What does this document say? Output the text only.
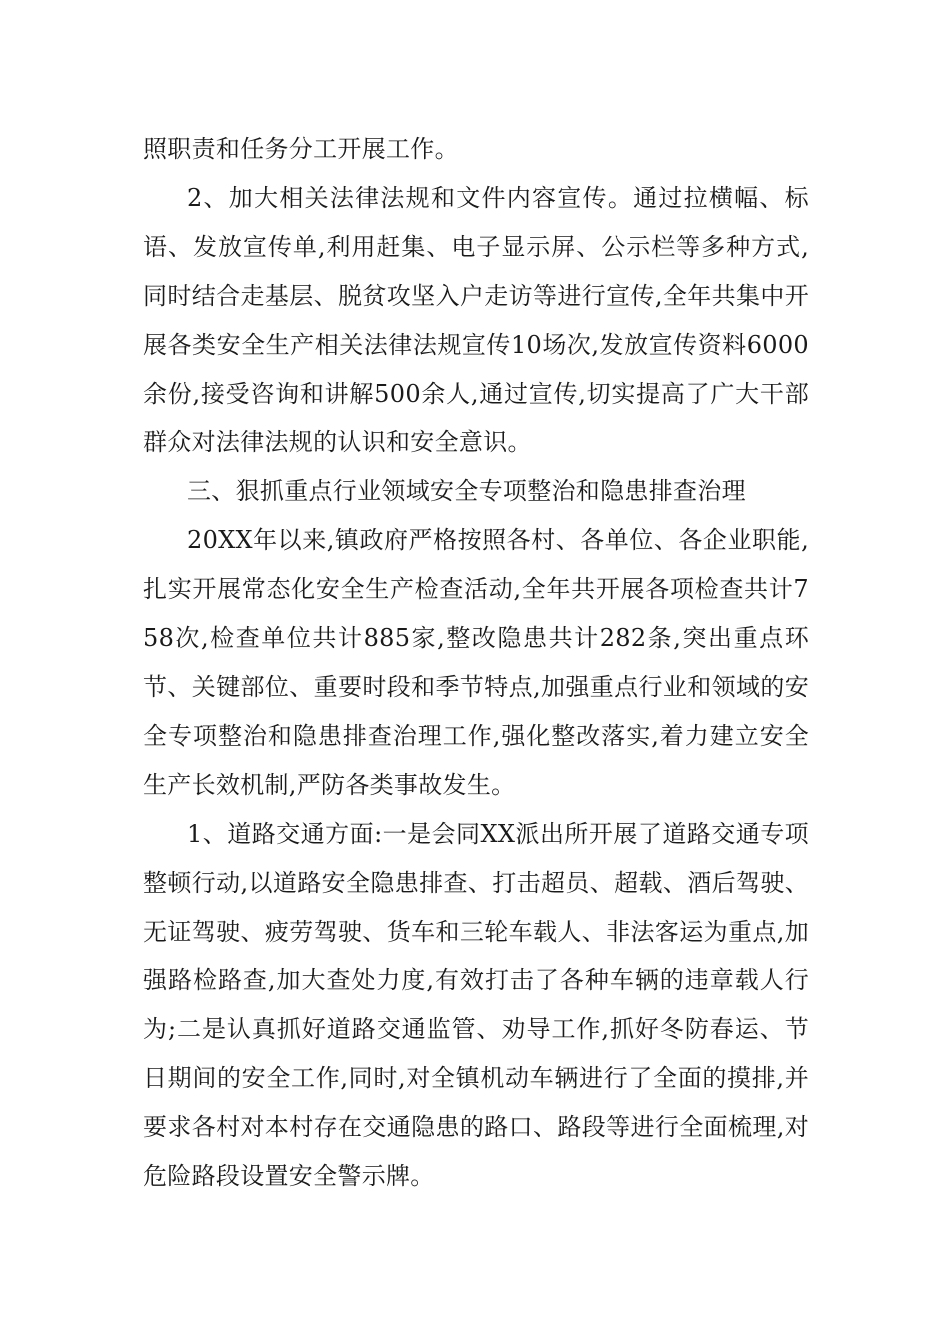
照职责和任务分工开展工作。

2、加大相关法律法规和文件内容宣传。通过拉横幅、标语、发放宣传单,利用赶集、电子显示屏、公示栏等多种方式,同时结合走基层、脱贫攻坚入户走访等进行宣传,全年共集中开展各类安全生产相关法律法规宣传10场次,发放宣传资料6000余份,接受咨询和讲解500余人,通过宣传,切实提高了广大干部群众对法律法规的认识和安全意识。

三、狠抓重点行业领域安全专项整治和隐患排查治理

20XX年以来,镇政府严格按照各村、各单位、各企业职能,扎实开展常态化安全生产检查活动,全年共开展各项检查共计758次,检查单位共计885家,整改隐患共计282条,突出重点环节、关键部位、重要时段和季节特点,加强重点行业和领域的安全专项整治和隐患排查治理工作,强化整改落实,着力建立安全生产长效机制,严防各类事故发生。

1、道路交通方面:一是会同XX派出所开展了道路交通专项整顿行动,以道路安全隐患排查、打击超员、超载、酒后驾驶、无证驾驶、疲劳驾驶、货车和三轮车载人、非法客运为重点,加强路检路查,加大查处力度,有效打击了各种车辆的违章载人行为;二是认真抓好道路交通监管、劝导工作,抓好冬防春运、节日期间的安全工作,同时,对全镇机动车辆进行了全面的摸排,并要求各村对本村存在交通隐患的路口、路段等进行全面梳理,对危险路段设置安全警示牌。
